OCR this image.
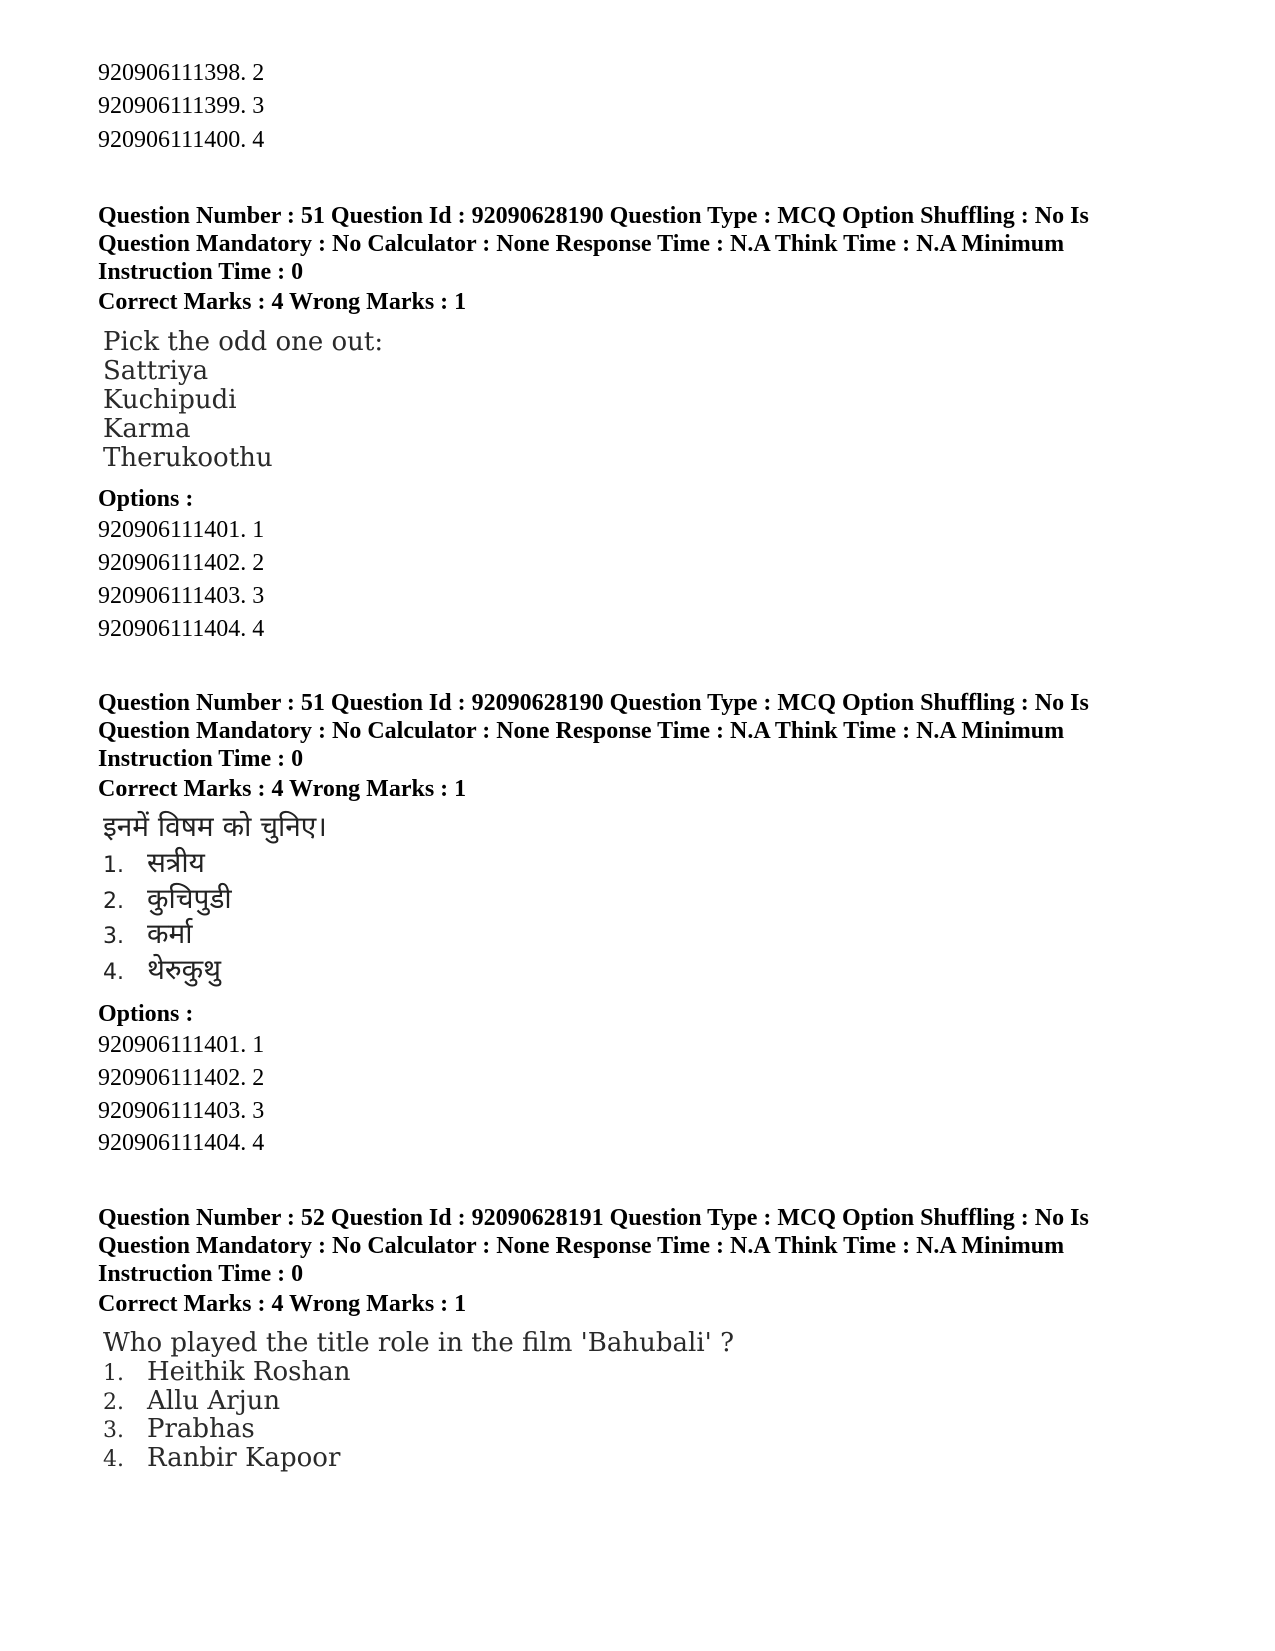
920906111398. 2
920906111399. 3
920906111400. 4
Question Number : 51 Question Id : 92090628190 Question Type : MCQ Option Shuffling : No Is Question Mandatory : No Calculator : None Response Time : N.A Think Time : N.A Minimum Instruction Time : 0
Correct Marks : 4 Wrong Marks : 1
Pick the odd one out:
Sattriya
Kuchipudi
Karma
Therukoothu
Options :
920906111401. 1
920906111402. 2
920906111403. 3
920906111404. 4
Question Number : 51 Question Id : 92090628190 Question Type : MCQ Option Shuffling : No Is Question Mandatory : No Calculator : None Response Time : N.A Think Time : N.A Minimum Instruction Time : 0
Correct Marks : 4 Wrong Marks : 1
इनमें विषम को चुनिए।
1. सत्रीय
2. कुचिपुडी
3. कर्मा
4. थेरुकुथु
Options :
920906111401. 1
920906111402. 2
920906111403. 3
920906111404. 4
Question Number : 52 Question Id : 92090628191 Question Type : MCQ Option Shuffling : No Is Question Mandatory : No Calculator : None Response Time : N.A Think Time : N.A Minimum Instruction Time : 0
Correct Marks : 4 Wrong Marks : 1
Who played the title role in the film 'Bahubali' ?
1. Heithik Roshan
2. Allu Arjun
3. Prabhas
4. Ranbir Kapoor
